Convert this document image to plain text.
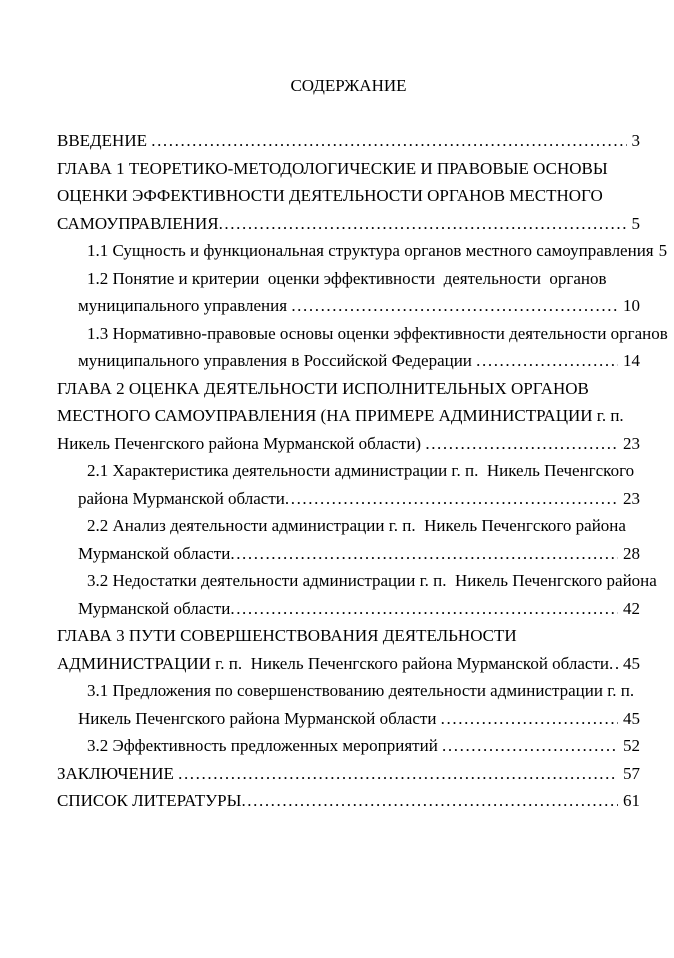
СОДЕРЖАНИЕ
ВВЕДЕНИЕ .....	3
ГЛАВА 1 ТЕОРЕТИКО-МЕТОДОЛОГИЧЕСКИЕ И ПРАВОВЫЕ ОСНОВЫ
ОЦЕНКИ ЭФФЕКТИВНОСТИ ДЕЯТЕЛЬНОСТИ ОРГАНОВ МЕСТНОГО
САМОУПРАВЛЕНИЯ .....	5
1.1 Сущность и функциональная структура органов местного самоуправления 5
1.2 Понятие и критерии  оценки эффективности  деятельности  органов
муниципального управления .....	10
1.3 Нормативно-правовые основы оценки эффективности деятельности органов
муниципального управления в Российской Федерации .....	14
ГЛАВА 2 ОЦЕНКА ДЕЯТЕЛЬНОСТИ ИСПОЛНИТЕЛЬНЫХ ОРГАНОВ
МЕСТНОГО САМОУПРАВЛЕНИЯ (НА ПРИМЕРЕ АДМИНИСТРАЦИИ г. п.
Никель Печенгского района Мурманской области) .....	23
2.1 Характеристика деятельности администрации г. п.  Никель Печенгского
района Мурманской области .....	23
2.2 Анализ деятельности администрации г. п.  Никель Печенгского района
Мурманской области .....	28
3.2 Недостатки деятельности администрации г. п.  Никель Печенгского района
Мурманской области .....	42
ГЛАВА 3 ПУТИ СОВЕРШЕНСТВОВАНИЯ ДЕЯТЕЛЬНОСТИ
АДМИНИСТРАЦИИ г. п.  Никель Печенгского района Мурманской области ..... 45
3.1 Предложения по совершенствованию деятельности администрации г. п.
Никель Печенгского района Мурманской области .....	45
3.2 Эффективность предложенных мероприятий .....	52
ЗАКЛЮЧЕНИЕ .....	57
СПИСОК ЛИТЕРАТУРЫ .....	61
